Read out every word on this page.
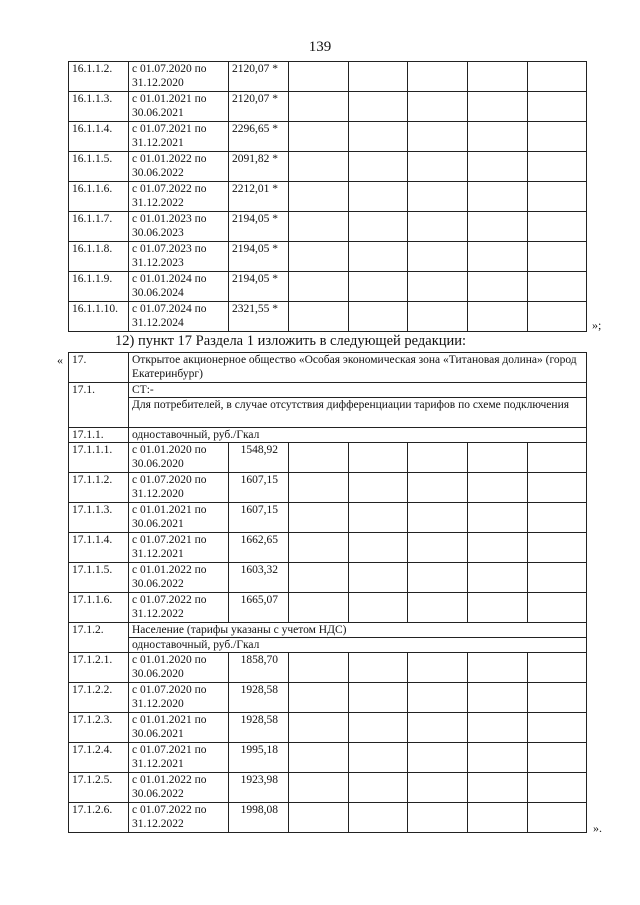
139
16.1.1.2.	с 01.07.2020 по 31.12.2020	2120,07 *					
16.1.1.3.	с 01.01.2021 по 30.06.2021	2120,07 *					
16.1.1.4.	с 01.07.2021 по 31.12.2021	2296,65 *					
16.1.1.5.	с 01.01.2022 по 30.06.2022	2091,82 *					
16.1.1.6.	с 01.07.2022 по 31.12.2022	2212,01 *					
16.1.1.7.	с 01.01.2023 по 30.06.2023	2194,05 *					
16.1.1.8.	с 01.07.2023 по 31.12.2023	2194,05 *					
16.1.1.9.	с 01.01.2024 по 30.06.2024	2194,05 *					
16.1.1.10.	с 01.07.2024 по 31.12.2024	2321,55 *					
»;
12) пункт 17 Раздела 1 изложить в следующей редакции:
« 17.	Открытое акционерное общество «Особая экономическая зона «Титановая долина» (город Екатеринбург)						
17.1.	СТ:-						
	Для потребителей, в случае отсутствия дифференциации тарифов по схеме подключения						
17.1.1.	одноставочный, руб./Гкал						
17.1.1.1.	с 01.01.2020 по 30.06.2020	1548,92					
17.1.1.2.	с 01.07.2020 по 31.12.2020	1607,15					
17.1.1.3.	с 01.01.2021 по 30.06.2021	1607,15					
17.1.1.4.	с 01.07.2021 по 31.12.2021	1662,65					
17.1.1.5.	с 01.01.2022 по 30.06.2022	1603,32					
17.1.1.6.	с 01.07.2022 по 31.12.2022	1665,07					
17.1.2.	Население (тарифы указаны с учетом НДС)						
	одноставочный, руб./Гкал						
17.1.2.1.	с 01.01.2020 по 30.06.2020	1858,70					
17.1.2.2.	с 01.07.2020 по 31.12.2020	1928,58					
17.1.2.3.	с 01.01.2021 по 30.06.2021	1928,58					
17.1.2.4.	с 01.07.2021 по 31.12.2021	1995,18					
17.1.2.5.	с 01.01.2022 по 30.06.2022	1923,98					
17.1.2.6.	с 01.07.2022 по 31.12.2022	1998,08					
».
